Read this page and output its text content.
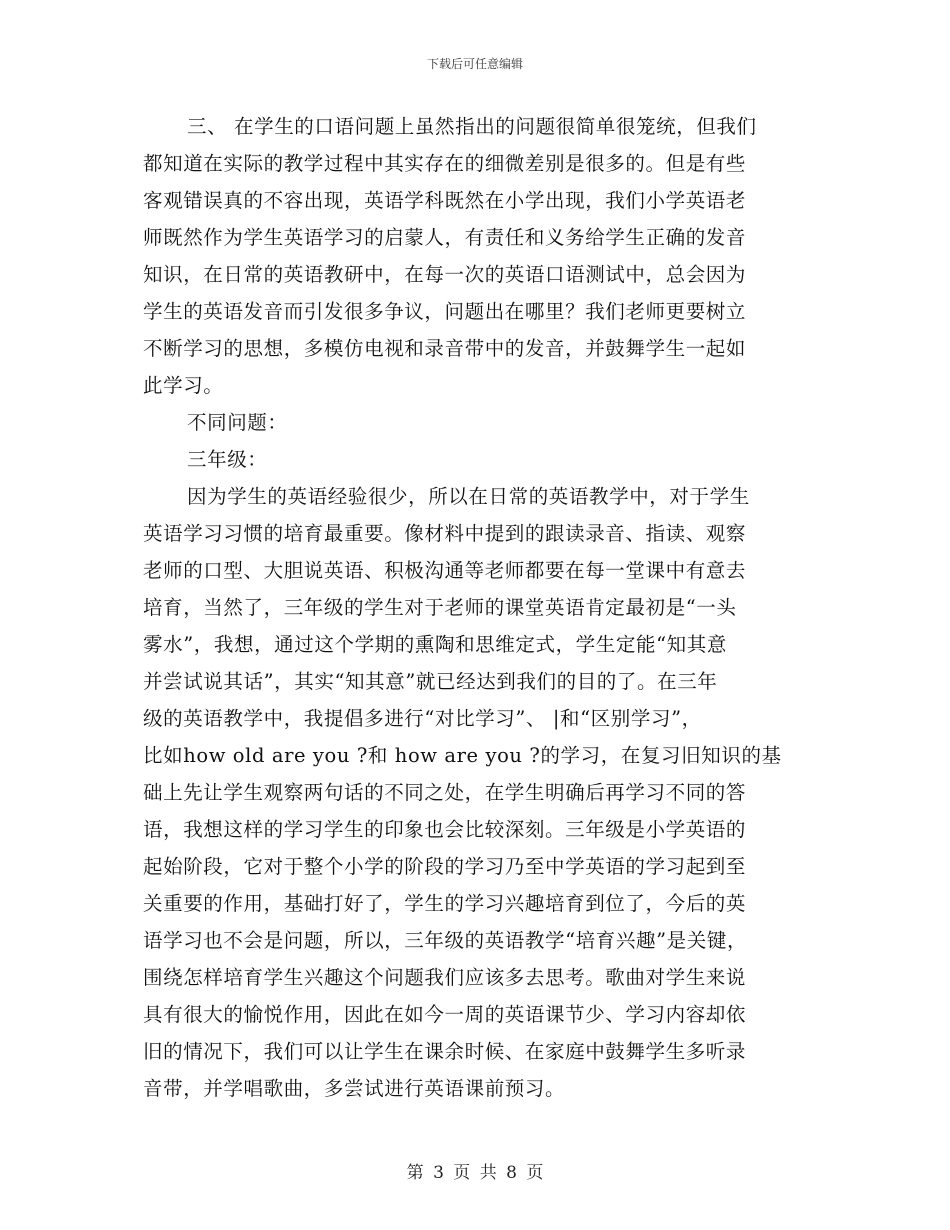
下载后可任意编辑
三、 在学生的口语问题上虽然指出的问题很简单很笼统，但我们
都知道在实际的教学过程中其实存在的细微差别是很多的。但是有些
客观错误真的不容出现，英语学科既然在小学出现，我们小学英语老
师既然作为学生英语学习的启蒙人，有责任和义务给学生正确的发音
知识，在日常的英语教研中，在每一次的英语口语测试中，总会因为
学生的英语发音而引发很多争议，问题出在哪里？我们老师更要树立
不断学习的思想，多模仿电视和录音带中的发音，并鼓舞学生一起如
此学习。
不同问题：
三年级：
因为学生的英语经验很少，所以在日常的英语教学中，对于学生
英语学习习惯的培育最重要。像材料中提到的跟读录音、指读、观察
老师的口型、大胆说英语、积极沟通等老师都要在每一堂课中有意去
培育，当然了，三年级的学生对于老师的课堂英语肯定最初是“一头
雾水”，我想，通过这个学期的熏陶和思维定式，学生定能“知其意
并尝试说其话”，其实“知其意”就已经达到我们的目的了。在三年
级的英语教学中，我提倡多进行“对比学习”、 |和“区别学习”，
比如how old are you ?和 how are you ?的学习，在复习旧知识的基
础上先让学生观察两句话的不同之处，在学生明确后再学习不同的答
语，我想这样的学习学生的印象也会比较深刻。三年级是小学英语的
起始阶段，它对于整个小学的阶段的学习乃至中学英语的学习起到至
关重要的作用，基础打好了，学生的学习兴趣培育到位了，今后的英
语学习也不会是问题，所以，三年级的英语教学“培育兴趣”是关键，
围绕怎样培育学生兴趣这个问题我们应该多去思考。歌曲对学生来说
具有很大的愉悦作用，因此在如今一周的英语课节少、学习内容却依
旧的情况下，我们可以让学生在课余时候、在家庭中鼓舞学生多听录
音带，并学唱歌曲，多尝试进行英语课前预习。
第 3 页 共 8 页
